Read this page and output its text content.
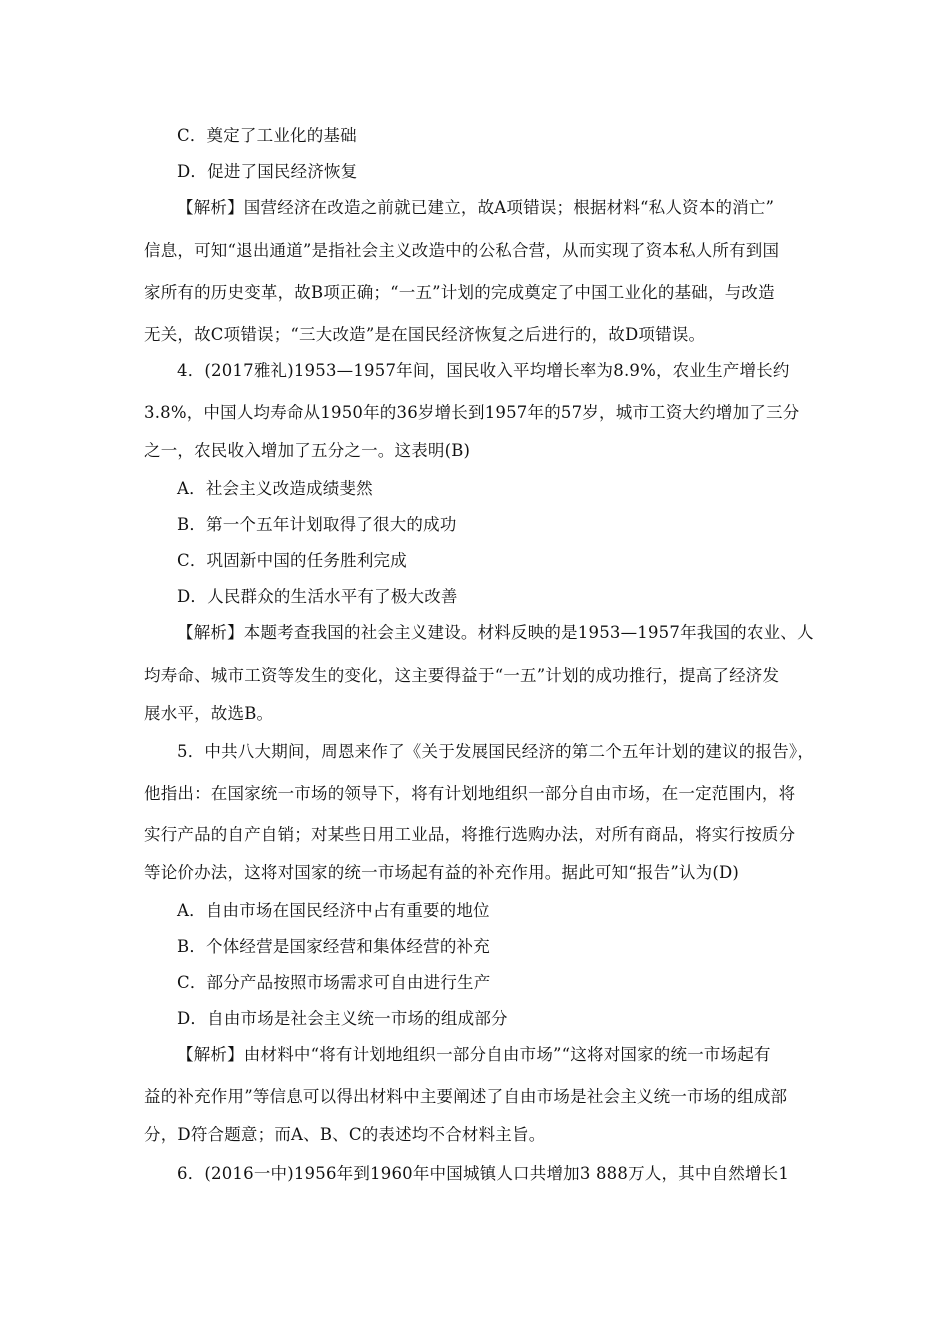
C．奠定了工业化的基础
D．促进了国民经济恢复
【解析】国营经济在改造之前就已建立，故A项错误；根据材料“私人资本的消亡”
信息，可知“退出通道”是指社会主义改造中的公私合营，从而实现了资本私人所有到国
家所有的历史变革，故B项正确；“一五”计划的完成奠定了中国工业化的基础，与改造
无关，故C项错误；“三大改造”是在国民经济恢复之后进行的，故D项错误。
4．(2017雅礼)1953—1957年间，国民收入平均增长率为8.9%，农业生产增长约
3.8%，中国人均寿命从1950年的36岁增长到1957年的57岁，城市工资大约增加了三分
之一，农民收入增加了五分之一。这表明(B)
A．社会主义改造成绩斐然
B．第一个五年计划取得了很大的成功
C．巩固新中国的任务胜利完成
D．人民群众的生活水平有了极大改善
【解析】本题考查我国的社会主义建设。材料反映的是1953—1957年我国的农业、人
均寿命、城市工资等发生的变化，这主要得益于“一五”计划的成功推行，提高了经济发
展水平，故选B。
5．中共八大期间，周恩来作了《关于发展国民经济的第二个五年计划的建议的报告》，
他指出：在国家统一市场的领导下，将有计划地组织一部分自由市场，在一定范围内，将
实行产品的自产自销；对某些日用工业品，将推行选购办法，对所有商品，将实行按质分
等论价办法，这将对国家的统一市场起有益的补充作用。据此可知“报告”认为(D)
A．自由市场在国民经济中占有重要的地位
B．个体经营是国家经营和集体经营的补充
C．部分产品按照市场需求可自由进行生产
D．自由市场是社会主义统一市场的组成部分
【解析】由材料中“将有计划地组织一部分自由市场”“这将对国家的统一市场起有
益的补充作用”等信息可以得出材料中主要阐述了自由市场是社会主义统一市场的组成部
分，D符合题意；而A、B、C的表述均不合材料主旨。
6．(2016一中)1956年到1960年中国城镇人口共增加3 888万人，其中自然增长1
